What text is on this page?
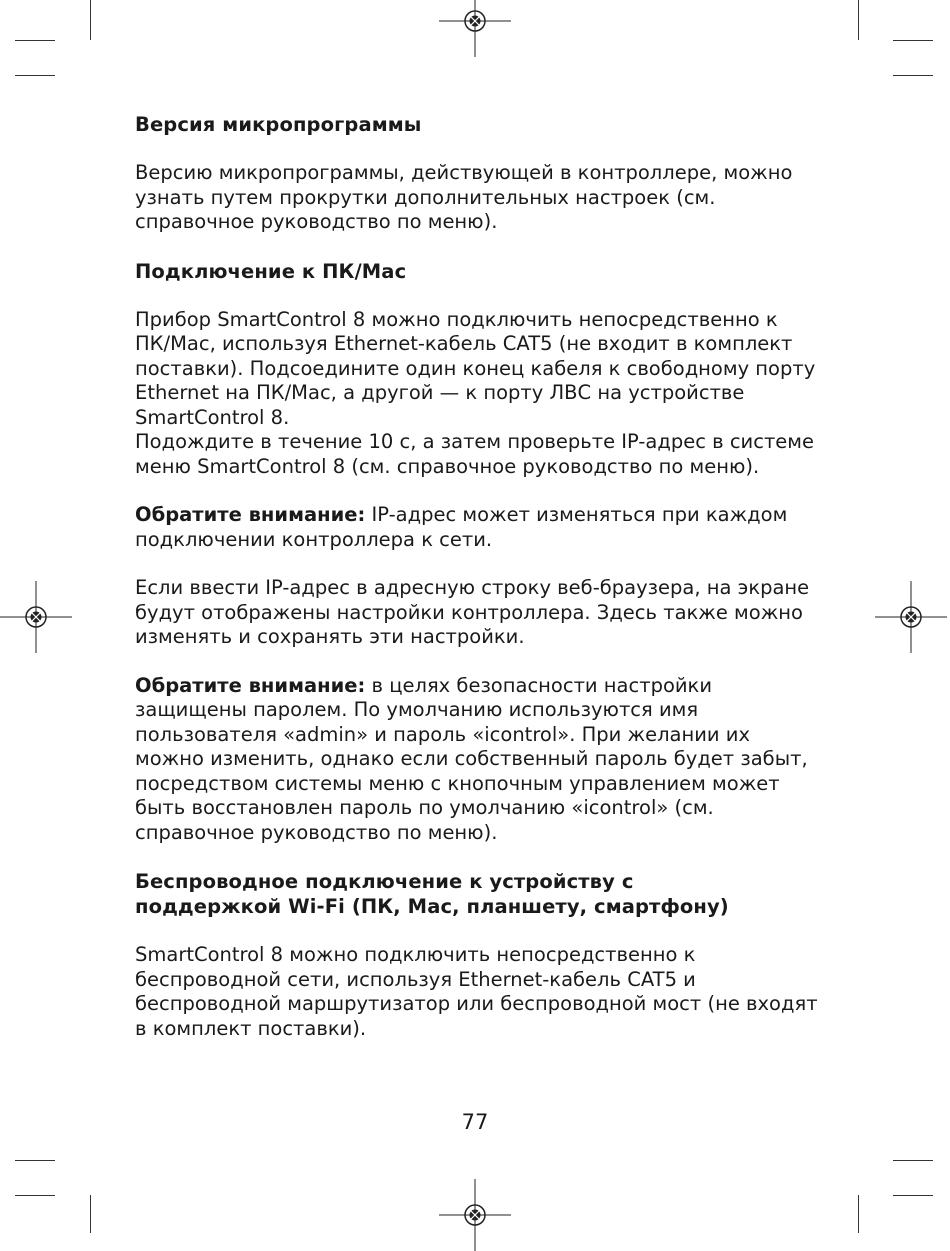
Версия микропрограммы

Версию микропрограммы, действующей в контроллере, можно узнать путем прокрутки дополнительных настроек (см. справочное руководство по меню).

Подключение к ПК/Mac

Прибор SmartControl 8 можно подключить непосредственно к ПК/Mac, используя Ethernet-кабель CAT5 (не входит в комплект поставки). Подсоедините один конец кабеля к свободному порту Ethernet на ПК/Mac, а другой — к порту ЛВС на устройстве SmartControl 8.

Подождите в течение 10 с, а затем проверьте IP-адрес в системе меню SmartControl 8 (см. справочное руководство по меню).

Обратите внимание: IP-адрес может изменяться при каждом подключении контроллера к сети.

Если ввести IP-адрес в адресную строку веб-браузера, на экране будут отображены настройки контроллера. Здесь также можно изменять и сохранять эти настройки.

Обратите внимание: в целях безопасности настройки защищены паролем. По умолчанию используются имя пользователя «admin» и пароль «icontrol». При желании их можно изменить, однако если собственный пароль будет забыт, посредством системы меню с кнопочным управлением может быть восстановлен пароль по умолчанию «icontrol» (см. справочное руководство по меню).

Беспроводное подключение к устройству с
поддержкой Wi-Fi (ПК, Mac, планшету, смартфону)

SmartControl 8 можно подключить непосредственно к беспроводной сети, используя Ethernet-кабель CAT5 и беспроводной маршрутизатор или беспроводной мост (не входят в комплект поставки).

77
